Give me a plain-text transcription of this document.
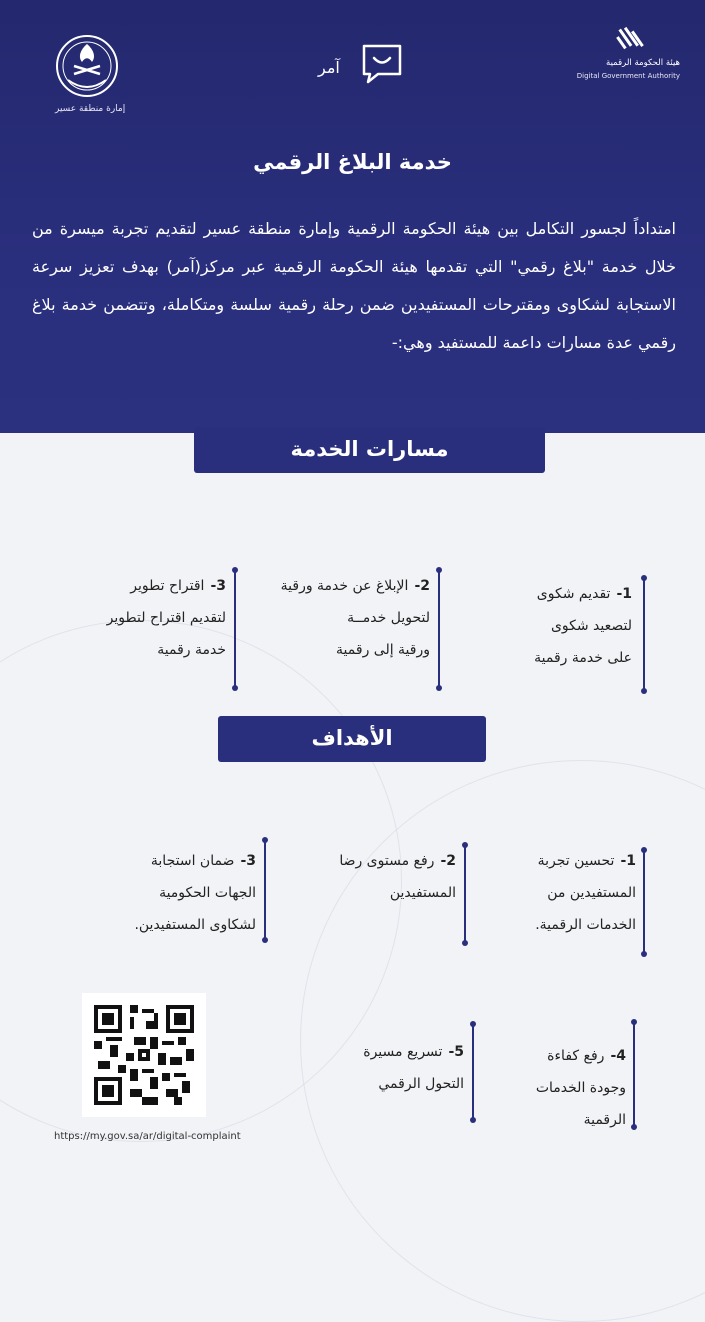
إمارة منطقة عسير
آمر	هيئة الحكومة الرقمية
Digital Government Authority
خدمة البلاغ الرقمي
امتداداً لجسور التكامل بين هيئة الحكومة الرقمية وإمارة منطقة عسير لتقديم تجربة ميسرة من خلال خدمة "بلاغ رقمي" التي تقدمها هيئة الحكومة الرقمية عبر مركز(آمر) بهدف تعزيز سرعة الاستجابة لشكاوى ومقترحات المستفيدين ضمن رحلة رقمية سلسة ومتكاملة، وتتضمن خدمة بلاغ رقمي عدة مسارات داعمة للمستفيد وهي:-
مسارات الخدمة
1-تقديم شكوى
لتصعيد شكوى
على خدمة رقمية
2-الإبلاغ عن خدمة ورقية
لتحويل خدمــة
ورقية إلى رقمية
3-اقتراح تطوير
لتقديم اقتراح لتطوير
خدمة رقمية
الأهداف
1-تحسين تجربة
المستفيدين من
الخدمات الرقمية.
2-رفع مستوى رضا
المستفيدين
3-ضمان استجابة
الجهات الحكومية
لشكاوى المستفيدين.
4-رفع كفاءة
وجودة الخدمات
الرقمية
5-تسريع مسيرة
التحول الرقمي
https://my.gov.sa/ar/digital-complaint
